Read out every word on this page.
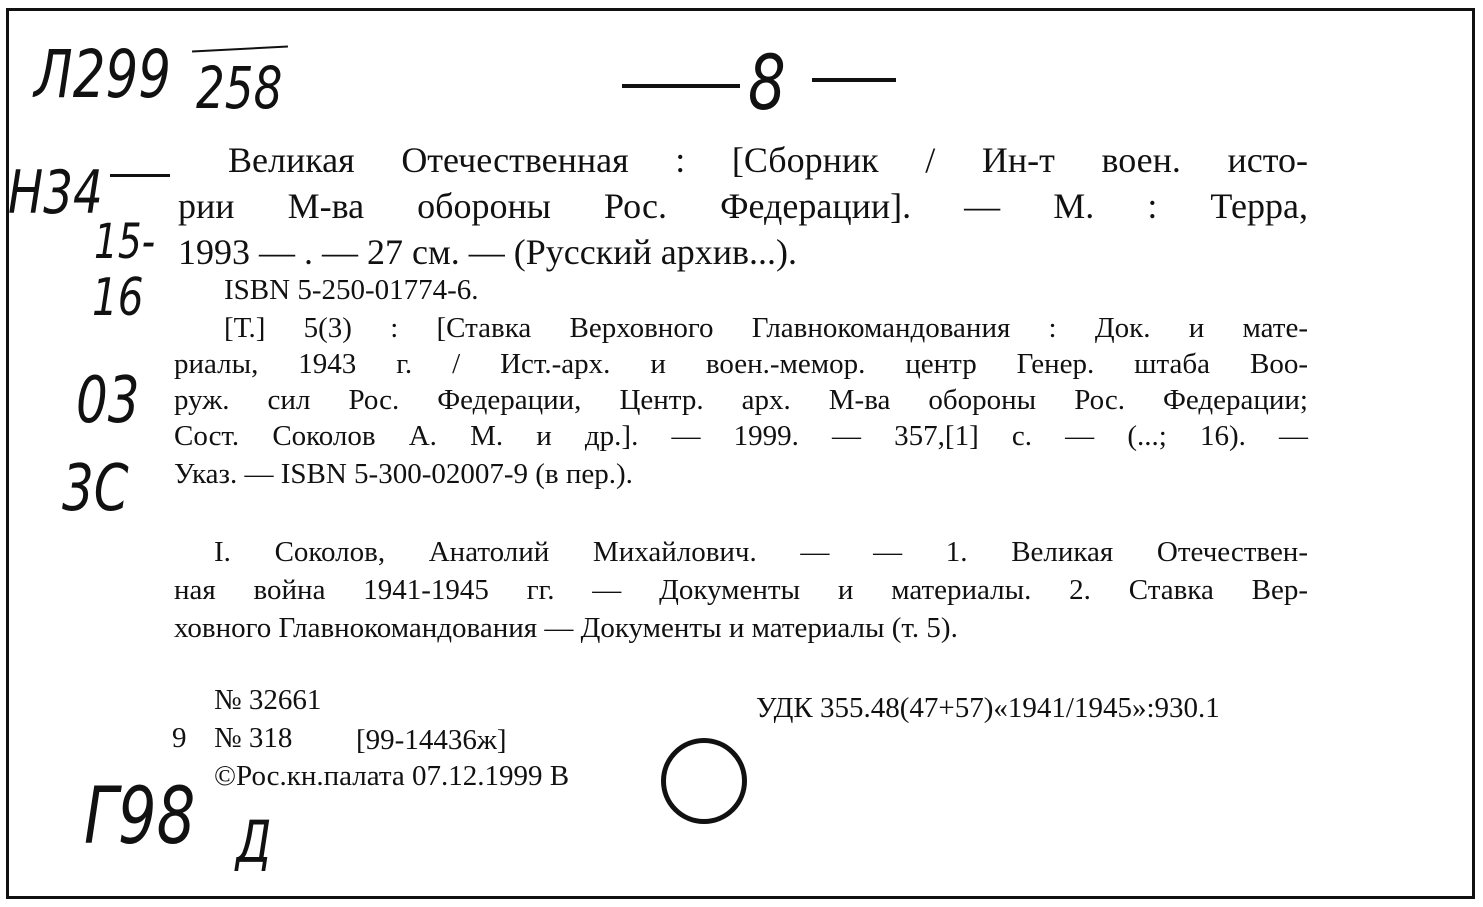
Л299 258	8
Н34
15-
16
03
3С
Г98 Д
Великая Отечественная : [Сборник / Ин-т воен. исто-
рии М-ва обороны Рос. Федерации]. — М. : Терра,
1993 — . — 27 см. — (Русский архив...).
ISBN 5-250-01774-6.
[Т.] 5(3) : [Ставка Верховного Главнокомандования : Док. и мате-
риалы, 1943 г. / Ист.-арх. и воен.-мемор. центр Генер. штаба Воо-
руж. сил Рос. Федерации, Центр. арх. М-ва обороны Рос. Федерации;
Сост. Соколов А. М. и др.]. — 1999. — 357,[1] с. — (...; 16). —
Указ. — ISBN 5-300-02007-9 (в пер.).
I. Соколов, Анатолий Михайлович. — — 1. Великая Отечествен-
ная война 1941-1945 гг. — Документы и материалы. 2. Ставка Вер-
ховного Главнокомандования — Документы и материалы (т. 5).
№ 32661	УДК 355.48(47+57)«1941/1945»:930.1
9 № 318 [99-14436ж]
©Рос.кн.палата 07.12.1999 В
